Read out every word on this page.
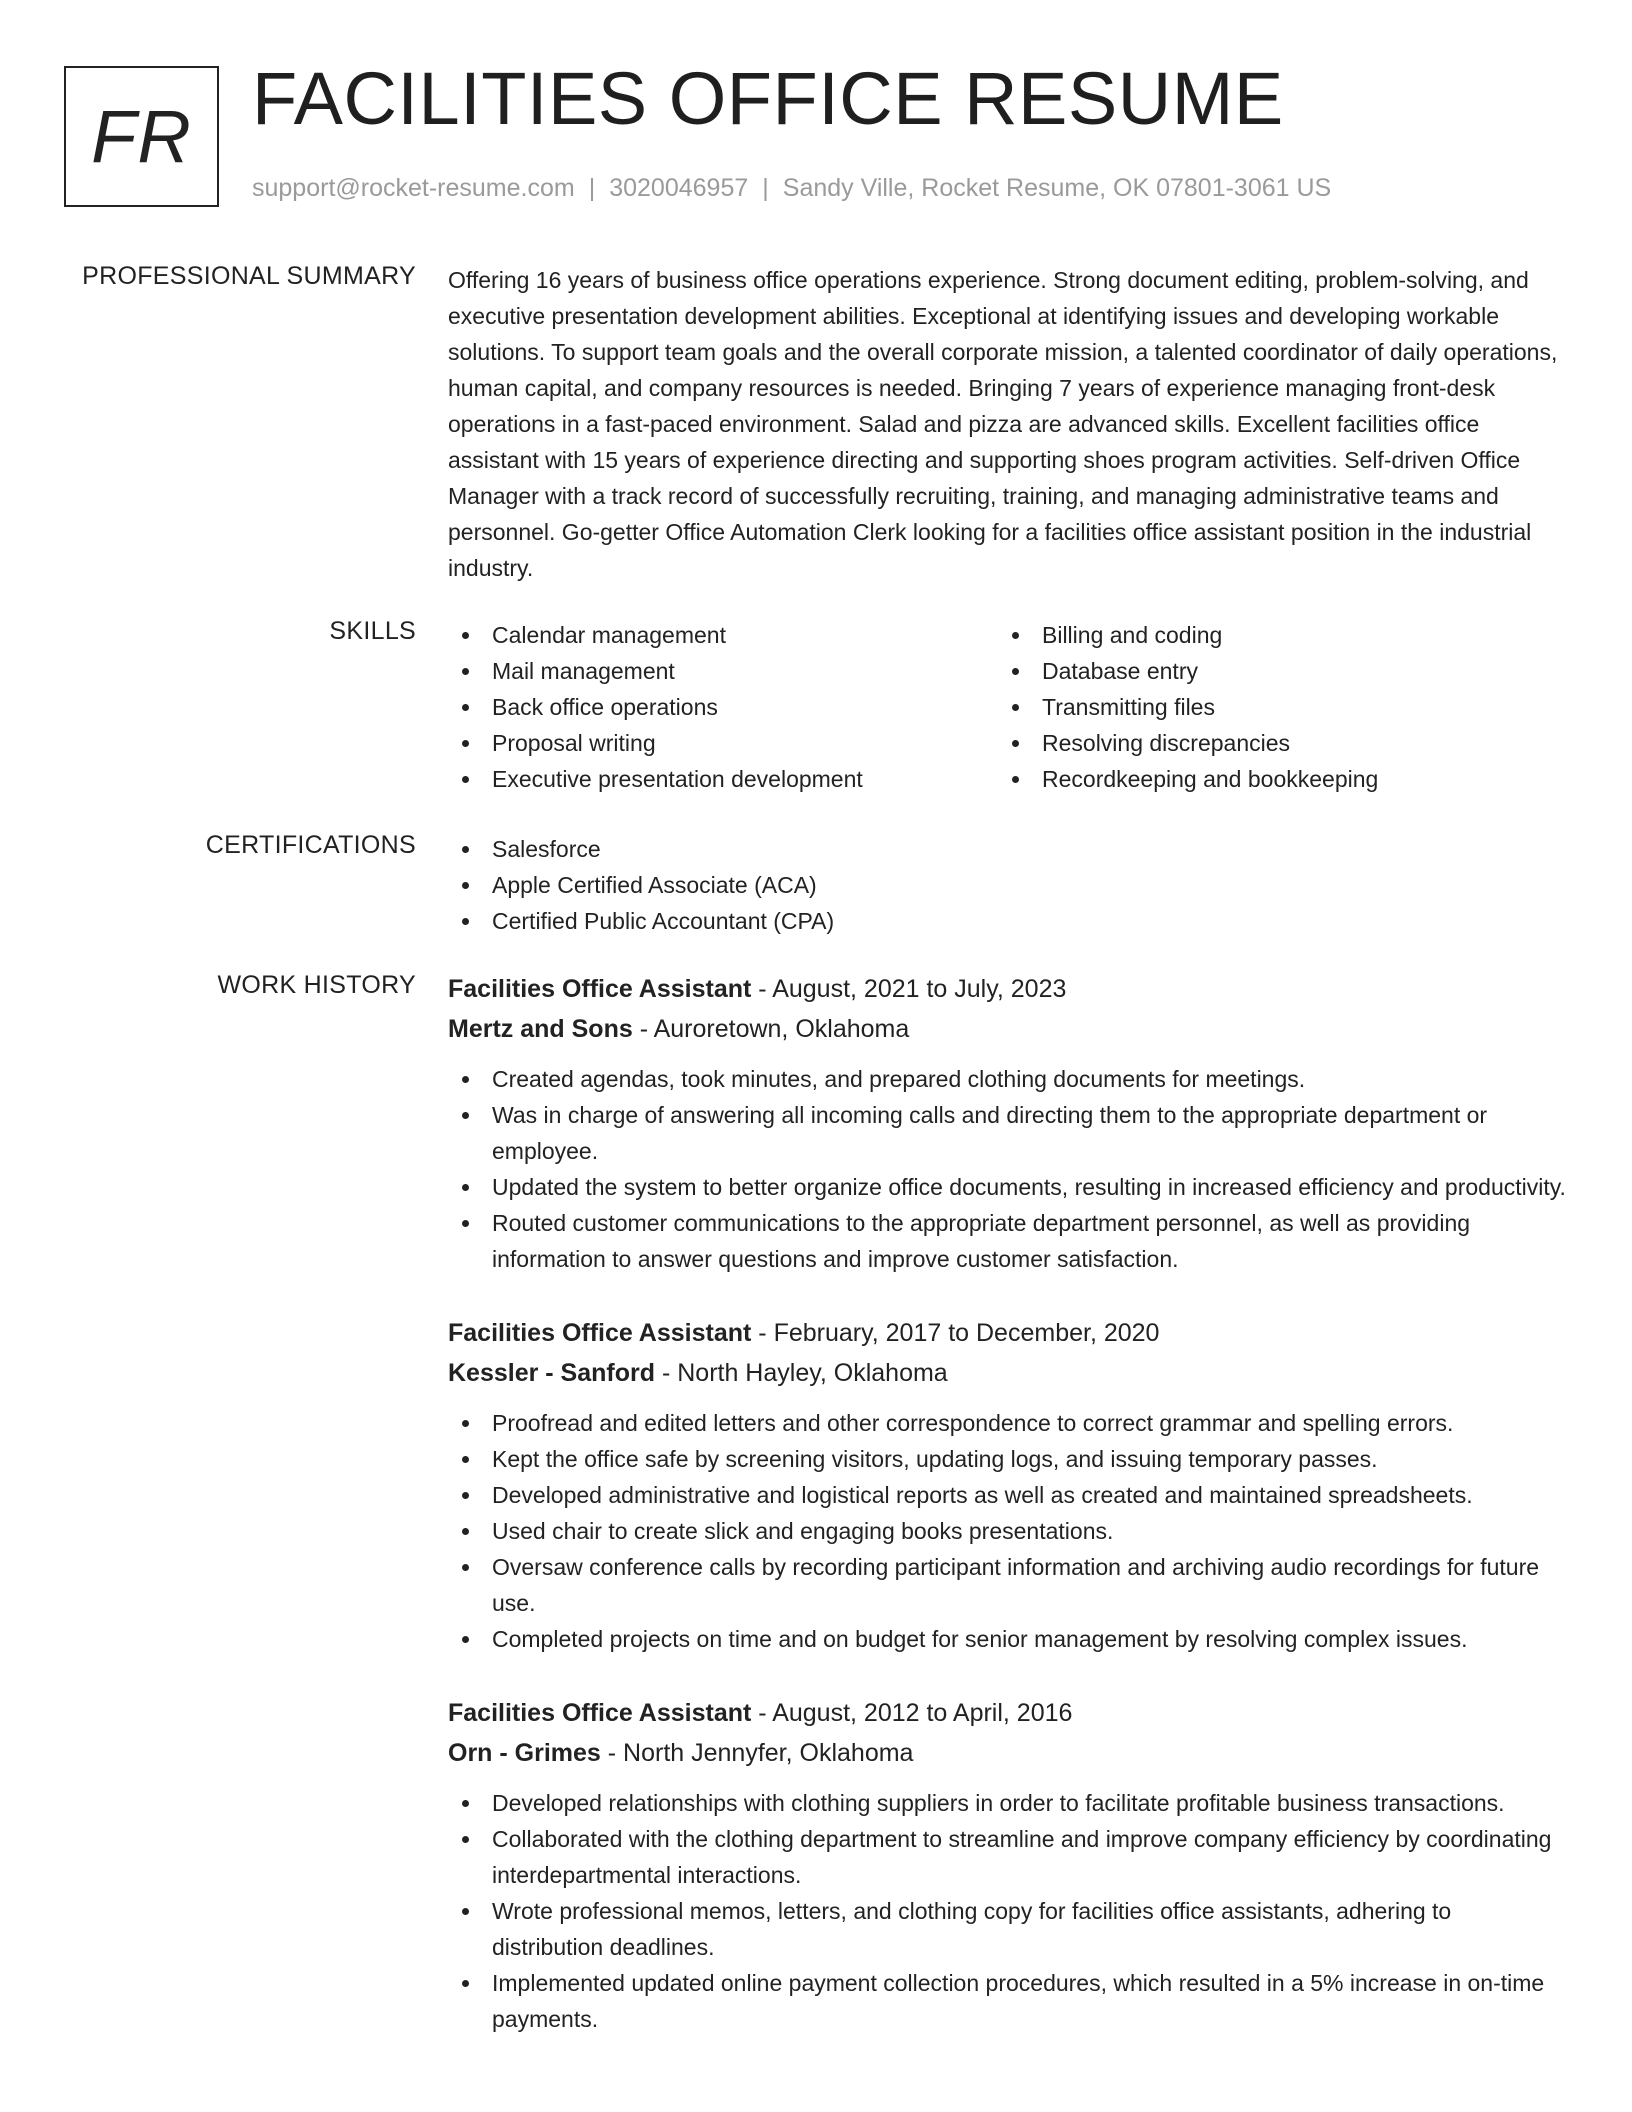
FR FACILITIES OFFICE RESUME
support@rocket-resume.com | 3020046957 | Sandy Ville, Rocket Resume, OK 07801-3061 US
PROFESSIONAL SUMMARY Offering 16 years of business office operations experience. Strong document editing, problem-solving, and executive presentation development abilities. Exceptional at identifying issues and developing workable solutions. To support team goals and the overall corporate mission, a talented coordinator of daily operations, human capital, and company resources is needed. Bringing 7 years of experience managing front-desk operations in a fast-paced environment. Salad and pizza are advanced skills. Excellent facilities office assistant with 15 years of experience directing and supporting shoes program activities. Self-driven Office Manager with a track record of successfully recruiting, training, and managing administrative teams and personnel. Go-getter Office Automation Clerk looking for a facilities office assistant position in the industrial industry.

SKILLS	Calendar management
Mail management
Back office operations
Proposal writing
Executive presentation development
Billing and coding
Database entry
Transmitting files
Resolving discrepancies
Recordkeeping and bookkeeping
CERTIFICATIONS	Salesforce
Apple Certified Associate (ACA)
Certified Public Accountant (CPA)
WORK HISTORY Facilities Office Assistant - August, 2021 to July, 2023
Mertz and Sons - Auroretown, Oklahoma
Created agendas, took minutes, and prepared clothing documents for meetings.
Was in charge of answering all incoming calls and directing them to the appropriate department or employee.
Updated the system to better organize office documents, resulting in increased efficiency and productivity.
Routed customer communications to the appropriate department personnel, as well as providing information to answer questions and improve customer satisfaction.
Facilities Office Assistant - February, 2017 to December, 2020
Kessler - Sanford - North Hayley, Oklahoma
Proofread and edited letters and other correspondence to correct grammar and spelling errors.
Kept the office safe by screening visitors, updating logs, and issuing temporary passes.
Developed administrative and logistical reports as well as created and maintained spreadsheets.
Used chair to create slick and engaging books presentations.
Oversaw conference calls by recording participant information and archiving audio recordings for future use.
Completed projects on time and on budget for senior management by resolving complex issues.
Facilities Office Assistant - August, 2012 to April, 2016
Orn - Grimes - North Jennyfer, Oklahoma
Developed relationships with clothing suppliers in order to facilitate profitable business transactions.
Collaborated with the clothing department to streamline and improve company efficiency by coordinating interdepartmental interactions.
Wrote professional memos, letters, and clothing copy for facilities office assistants, adhering to distribution deadlines.
Implemented updated online payment collection procedures, which resulted in a 5% increase in on-time payments.
